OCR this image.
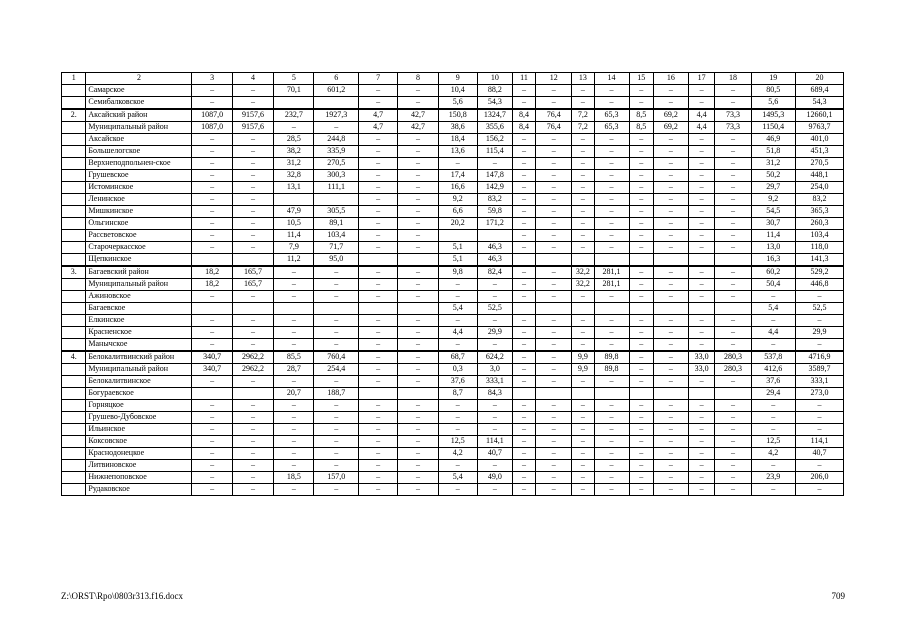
1	2	3	4	5	6	7	8	9	10	11	12	13	14	15	16	17	18	19	20
	Самарское	–	–	70,1	601,2	–	–	10,4	88,2	–	–	–	–	–	–	–	–	80,5	689,4
	Семибалковское	–	–			–	–	5,6	54,3	–	–	–	–	–	–	–	–	5,6	54,3
2.	Аксайский район	1087,0	9157,6	232,7	1927,3	4,7	42,7	150,8	1324,7	8,4	76,4	7,2	65,3	8,5	69,2	4,4	73,3	1495,3	12660,1
	Муниципальный район	1087,0	9157,6	–	–	4,7	42,7	38,6	355,6	8,4	76,4	7,2	65,3	8,5	69,2	4,4	73,3	1150,4	9763,7
	Аксайское	–	–	28,5	244,8	–	–	18,4	156,2	–	–	–	–	–	–	–	–	46,9	401,0
	Большелогское	–	–	38,2	335,9	–	–	13,6	115,4	–	–	–	–	–	–	–	–	51,8	451,3
	Верхнеподпольнен-ское	–	–	31,2	270,5	–	–	–	–	–	–	–	–	–	–	–	–	31,2	270,5
	Грушевское	–	–	32,8	300,3	–	–	17,4	147,8	–	–	–	–	–	–	–	–	50,2	448,1
	Истоминское	–	–	13,1	111,1	–	–	16,6	142,9	–	–	–	–	–	–	–	–	29,7	254,0
	Ленинское	–	–			–	–	9,2	83,2	–	–	–	–	–	–	–	–	9,2	83,2
	Мишкинское	–	–	47,9	305,5	–	–	6,6	59,8	–	–	–	–	–	–	–	–	54,5	365,3
	Ольгинское	–	–	10,5	89,1	–	–	20,2	171,2	–	–	–	–	–	–	–	–	30,7	260,3
	Рассветовское	–	–	11,4	103,4	–	–			–	–	–	–	–	–	–	–	11,4	103,4
	Старочеркасское	–	–	7,9	71,7	–	–	5,1	46,3	–	–	–	–	–	–	–	–	13,0	118,0
	Щепкинское			11,2	95,0			5,1	46,3									16,3	141,3
3.	Багаевский район	18,2	165,7	–	–	–	–	9,8	82,4	–	–	32,2	281,1	–	–	–	–	60,2	529,2
	Муниципальный район	18,2	165,7	–	–	–	–	–	–	–	–	32,2	281,1	–	–	–	–	50,4	446,8
	Ажиновское	–	–	–	–	–	–	–	–	–	–	–	–	–	–	–	–	–	–
	Багаевское							5,4	52,5									5,4	52,5
	Елкинское	–	–	–	–	–	–	–	–	–	–	–	–	–	–	–	–	–	–
	Красненское	–	–	–	–	–	–	4,4	29,9	–	–	–	–	–	–	–	–	4,4	29,9
	Манычское	–	–	–	–	–	–	–	–	–	–	–	–	–	–	–	–	–	–
4.	Белокалитвинский район	340,7	2962,2	85,5	760,4	–	–	68,7	624,2	–	–	9,9	89,8	–	–	33,0	280,3	537,8	4716,9
	Муниципальный район	340,7	2962,2	28,7	254,4	–	–	0,3	3,0	–	–	9,9	89,8	–	–	33,0	280,3	412,6	3589,7
	Белокалитвинское	–	–	–	–	–	–	37,6	333,1	–	–	–	–	–	–	–	–	37,6	333,1
	Богураевское			20,7	188,7			8,7	84,3									29,4	273,0
	Горняцкое	–	–	–	–	–	–	–	–	–	–	–	–	–	–	–	–	–	–
	Грушево-Дубовское	–	–	–	–	–	–	–	–	–	–	–	–	–	–	–	–	–	–
	Ильинское	–	–	–	–	–	–	–	–	–	–	–	–	–	–	–	–	–	–
	Коксовское	–	–	–	–	–	–	12,5	114,1	–	–	–	–	–	–	–	–	12,5	114,1
	Краснодонецкое	–	–	–	–	–	–	4,2	40,7	–	–	–	–	–	–	–	–	4,2	40,7
	Литвиновское	–	–	–	–	–	–	–	–	–	–	–	–	–	–	–	–	–	–
	Нижнепоповское	–	–	18,5	157,0	–	–	5,4	49,0	–	–	–	–	–	–	–	–	23,9	206,0
	Рудаковское	–	–	–	–	–	–	–	–	–	–	–	–	–	–	–	–	–	–
Z:\ORST\Rpo\0803r313.f16.docx	709
